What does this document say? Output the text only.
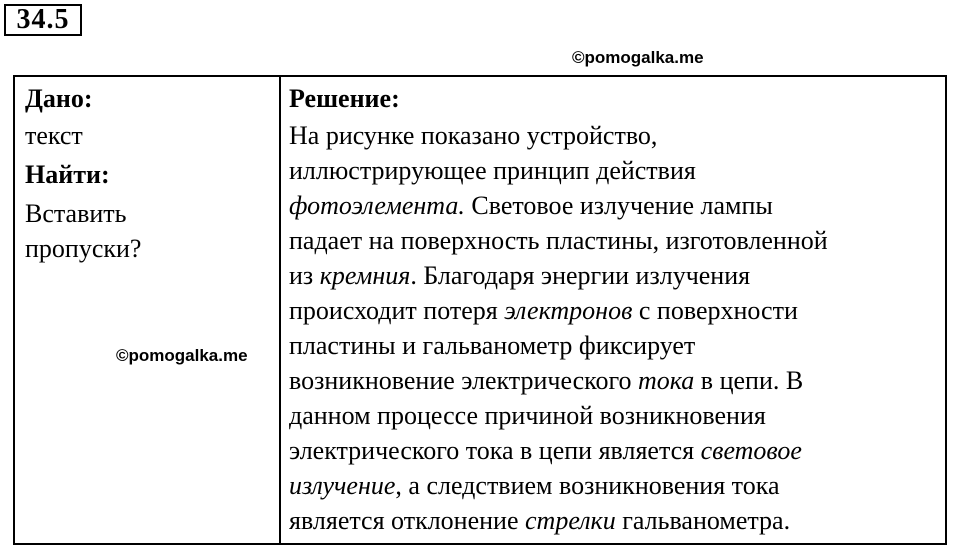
34.5
©pomogalka.me
Дано:
текст
Найти:
Вставить
пропуски?
Решение:
На рисунке показано устройство,
иллюстрирующее принцип действия
фотоэлемента. Световое излучение лампы
падает на поверхность пластины, изготовленной
из кремния. Благодаря энергии излучения
происходит потеря электронов с поверхности
пластины и гальванометр фиксирует
возникновение электрического тока в цепи. В
данном процессе причиной возникновения
электрического тока в цепи является световое
излучение, а следствием возникновения тока
является отклонение стрелки гальванометра.
©pomogalka.me
